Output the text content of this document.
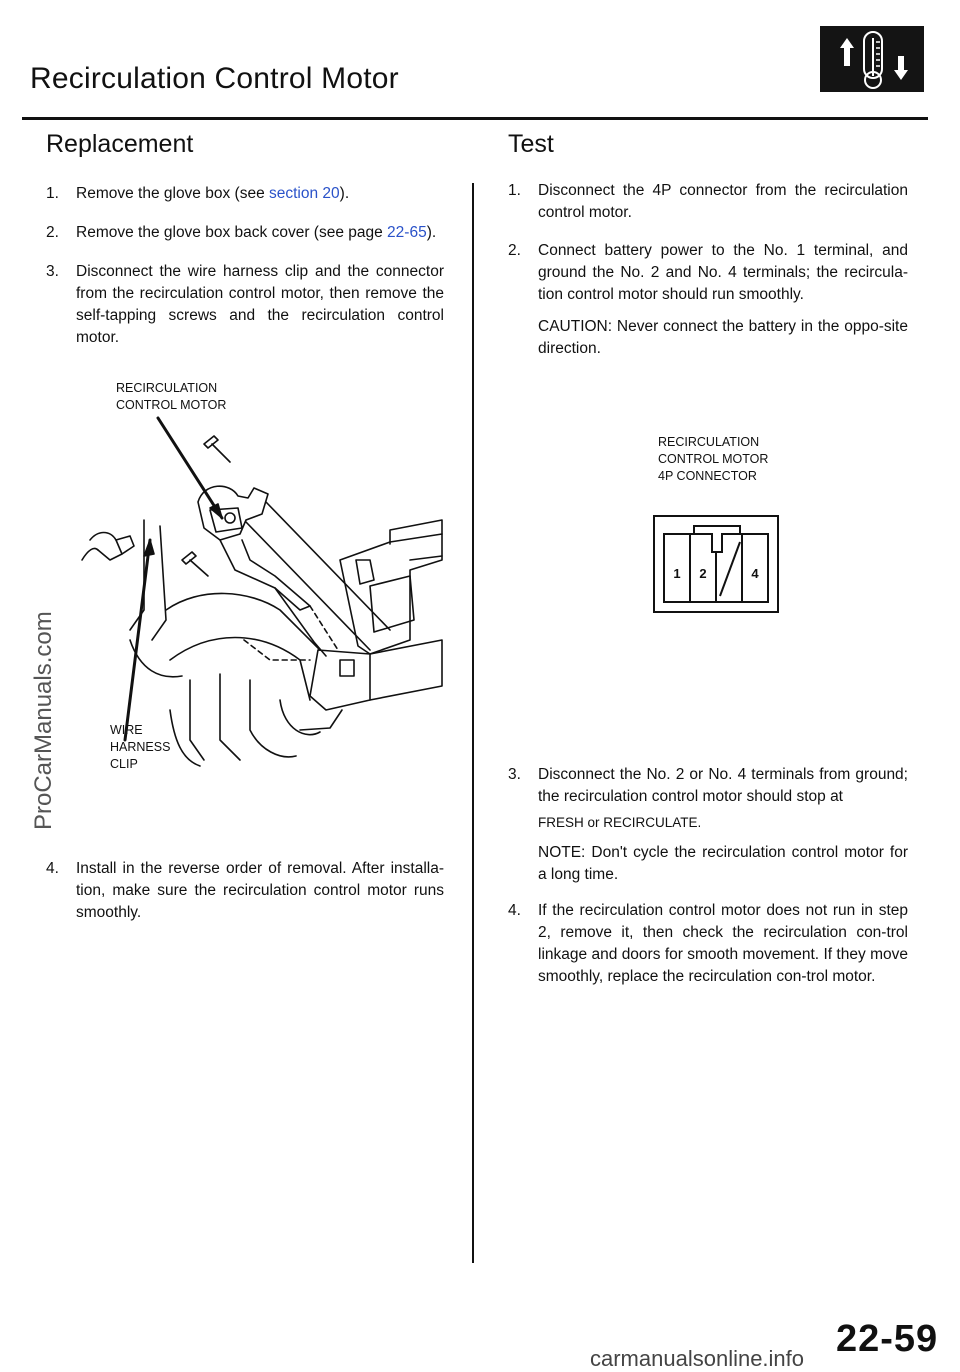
Recirculation Control Motor
Replacement
1. Remove the glove box (see section 20).
2. Remove the glove box back cover (see page 22-65).
3. Disconnect the wire harness clip and the connector from the recirculation control motor, then remove the self-tapping screws and the recirculation control motor.
RECIRCULATION
CONTROL MOTOR
WIRE
HARNESS
CLIP
4. Install in the reverse order of removal. After installa-tion, make sure the recirculation control motor runs smoothly.
Test
1. Disconnect the 4P connector from the recirculation control motor.
2. Connect battery power to the No. 1 terminal, and ground the No. 2 and No. 4 terminals; the recircula-tion control motor should run smoothly.
CAUTION: Never connect the battery in the oppo-site direction.
RECIRCULATION
CONTROL MOTOR
4P CONNECTOR
1 2	4
3. Disconnect the No. 2 or No. 4 terminals from ground; the recirculation control motor should stop at
FRESH or RECIRCULATE.
NOTE: Don't cycle the recirculation control motor for a long time.
4. If the recirculation control motor does not run in step 2, remove it, then check the recirculation con-trol linkage and doors for smooth movement. If they move smoothly, replace the recirculation con-trol motor.
ProCarManuals.com
22-59
carmanualsonline.info
